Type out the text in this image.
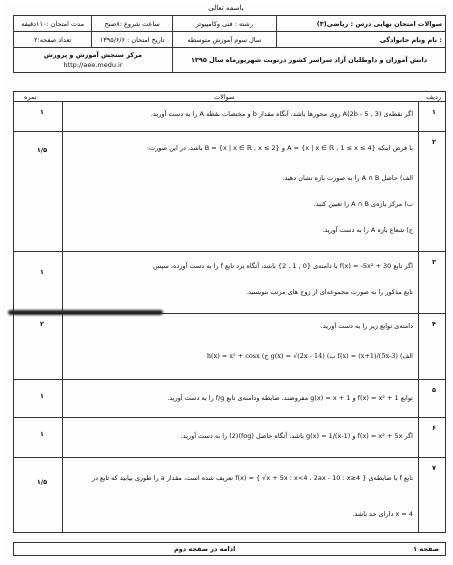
باسمه تعالی
مدت امتحان :۱۱۰دقیقه	ساعت شروع :۸صبح	رشته : فنی وکامپیوتر	سوالات امتحان نهایی درس : ریاضی(۳)
تعداد صفحه:۲	تاریخ امتحان : ۱۳۹۵/۶/۶	سال سوم آموزش متوسطه	نام ونام خانوادگی :

مرکز سنجش آموزش و پرورش
http://aee.medu.ir		دانش آموزان و داوطلبان آزاد سراسر کشور درنوبت شهریورماه سال ۱۳۹۵	
نمره	سوالات	ردیف
۱
۱	اگر نقطه‌ی A(2b - 5 , 3) روی محورها باشد، آنگاه مقدار b و مختصات نقطه A را به دست آورید.
۲
۱/۵	با فرض اینکه A = {x | x ∈ ℝ , 1 ≤ x ≤ 4} و B = {x | x ∈ ℝ , x ≤ 2} باشد، در این صورت:
الف) حاصل A ∩ B را به صورت بازه نشان دهید.
ب) مرکز بازه‌ی A ∩ B را تعیین کنید.
ج) شعاع بازه A را به دست آورید.
۳
۱
اگر تابع f(x) = -5x² + 30 با دامنه‌ی {0 , 1 , 2} باشد، آنگاه برد تابع f را به دست آورده، سپس
تابع مذکور را به صورت مجموعه‌ای از زوج های مرتب بنویسید.
۴
۲	دامنه‌ی توابع زیر را به دست آورید.
الف) f(x) = (x+1)/(5x-3) ب) g(x) = √(2x - 14) ج) h(x) = x² + cosx
۵
۱	توابع f(x) = x² + 1 و g(x) = x + 1 مفروضند، ضابطه ودامنه‌ی تابع f/g را به دست آورید.
۶
۱	اگر f(x) = x² + 5x و g(x) = 1/(x-1) باشد، آنگاه حاصل (fog)(2) را به دست آورید.
۷
۱/۵	تابع f با ضابطه‌ی f(x) = { √x + 5x : x<4 ، 2ax - 10 : x≥4 } تعریف شده است، مقدار a را طوری بیابید که تابع در
x = 4 دارای حد باشد.
ادامه در صفحه دوم	صفحه ۱
